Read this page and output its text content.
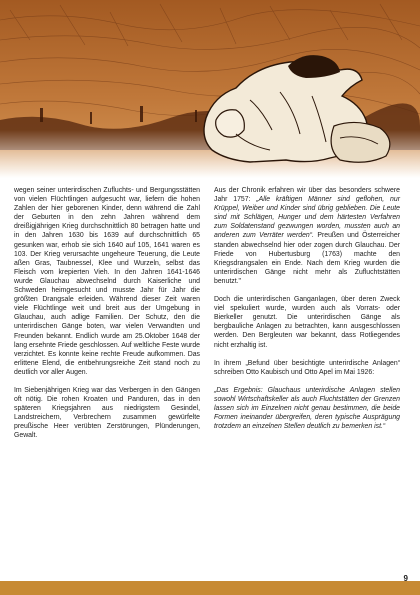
wegen seiner unterirdischen Zufluchts- und Bergungsstätten von vielen Flüchtlingen aufgesucht war, liefern die hohen Zahlen der hier geborenen Kinder, denn während die Zahl der Geburten in den zehn Jahren während dem dreißigjährigen Krieg durchschnittlich 80 betragen hatte und in den Jahren 1630 bis 1639 auf durchschnittlich 65 gesunken war, erhob sie sich 1640 auf 105, 1641 waren es 103. Der Krieg verursachte ungeheure Teuerung, die Leute aßen Gras, Taubnessel, Klee und Wurzeln, selbst das Fleisch vom krepierten Vieh. In den Jahren 1641-1646 wurde Glauchau abwechselnd durch Kaiserliche und Schweden heimgesucht und musste Jahr für Jahr die größten Drangsale erleiden. Während dieser Zeit waren viele Flüchtlinge weit und breit aus der Umgebung in Glauchau, auch adlige Familien. Der Schutz, den die unterirdischen Gänge boten, war vielen Verwandten und Freunden bekannt. Endlich wurde am 25.Oktober 1648 der lang ersehnte Friede geschlossen. Auf weltliche Feste wurde verzichtet. Es konnte keine rechte Freude aufkommen. Das erlittene Elend, die entbehrungsreiche Zeit stand noch zu deutlich vor aller Augen.

Im Siebenjährigen Krieg war das Verbergen in den Gängen oft nötig. Die rohen Kroaten und Panduren, das in den späteren Kriegsjahren aus niedrigstem Gesindel, Landstreichern, Verbrechern zusammen gewürfelte preußische Heer verübten Zerstörungen, Plünderungen, Gewalt.

Aus der Chronik erfahren wir über das besonders schwere Jahr 1757: „Alle kräftigen Männer sind geflohen, nur Krüppel, Weiber und Kinder sind übrig geblieben. Die Leute sind mit Schlägen, Hunger und dem härtesten Verfahren zum Soldatenstand gezwungen worden, mussten auch an anderen zum Verräter werden“. Preußen und Österreicher standen abwechselnd hier oder zogen durch Glauchau. Der Friede von Hubertusburg (1763) machte den Kriegsdrangsalen ein Ende. Nach dem Krieg wurden die unterirdischen Gänge nicht mehr als Zufluchtstätten benutzt."

Doch die unterirdischen Ganganlagen, über deren Zweck viel spekuliert wurde, wurden auch als Vorrats- oder Bierkeller genutzt. Die unterirdischen Gänge als bergbauliche Anlagen zu betrachten, kann ausgeschlossen werden. Den Bergleuten war bekannt, dass Rotliegendes nicht erzhaltig ist.

In ihrem „Befund über besichtigte unterirdische Anlagen“ schreiben Otto Kaubisch und Otto Apel im Mai 1926:

„Das Ergebnis: Glauchaus unterirdische Anlagen stellen sowohl Wirtschaftskeller als auch Fluchtstätten der Grenzen lassen sich im Einzelnen nicht genau bestimmen, die beide Formen ineinander übergreifen, deren typische Ausprägung trotzdem an einzelnen Stellen deutlich zu bemerken ist.“

9
